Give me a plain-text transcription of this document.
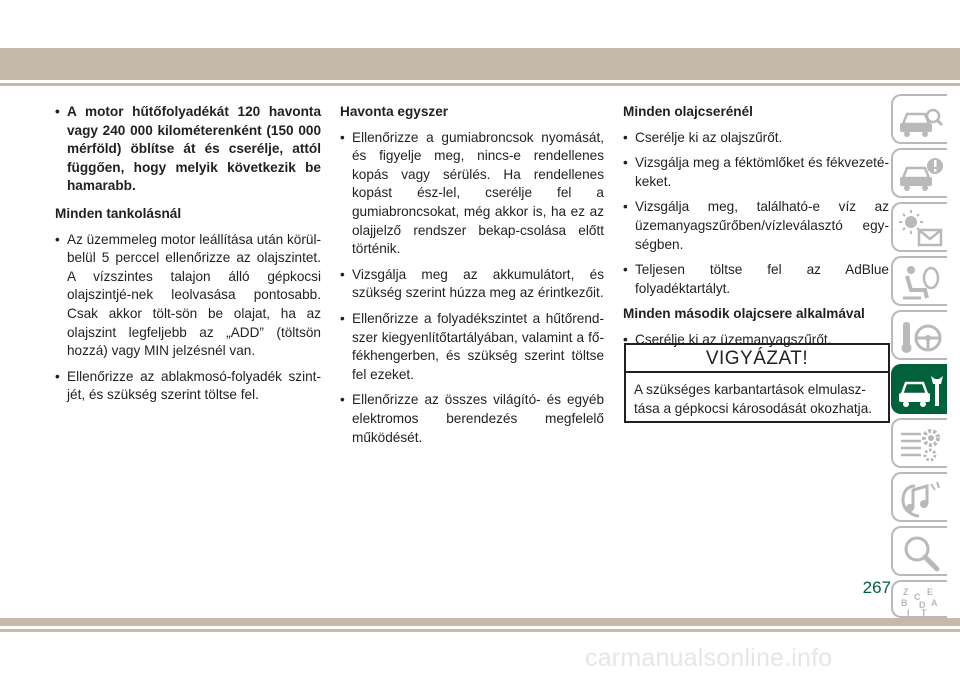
• A motor hűtőfolyadékát 120 havonta vagy 240 000 kilométerenként (150 000 mérföld) öblítse át és cserélje, attól függően, hogy melyik következik be hamarabb.
Minden tankolásnál
• Az üzemmeleg motor leállítása után körül-belül 5 perccel ellenőrizze az olajszintet. A vízszintes talajon álló gépkocsi olajszintjé-nek leolvasása pontosabb. Csak akkor tölt-sön be olajat, ha az olajszint legfeljebb az „ADD” (töltsön hozzá) vagy MIN jelzésnél van.
• Ellenőrizze az ablakmosó-folyadék szint-jét, és szükség szerint töltse fel.
Havonta egyszer
• Ellenőrizze a gumiabroncsok nyomását, és figyelje meg, nincs-e rendellenes kopás vagy sérülés. Ha rendellenes kopást ész-lel, cserélje fel a gumiabroncsokat, még akkor is, ha ez az olajjelző rendszer bekap-csolása előtt történik.
• Vizsgálja meg az akkumulátort, és szükség szerint húzza meg az érintkezőit.
• Ellenőrizze a folyadékszintet a hűtőrend-szer kiegyenlítőtartályában, valamint a fő-fékhengerben, és szükség szerint töltse fel ezeket.
• Ellenőrizze az összes világító- és egyéb elektromos berendezés megfelelő működését.
Minden olajcserénél
• Cserélje ki az olajszűrőt.
• Vizsgálja meg a féktömlőket és fékvezeté-keket.
• Vizsgálja meg, található-e víz az üzemanyagszűrőben/vízleválasztó egy-ségben.
• Teljesen töltse fel az AdBlue folyadéktartályt.
Minden második olajcsere alkalmával
• Cserélje ki az üzemanyagszűrőt.
VIGYÁZAT!
A szükséges karbantartások elmulasz-tása a gépkocsi károsodását okozhatja.
Z E
B	A
C
D
I T
267
carmanualsonline.info
